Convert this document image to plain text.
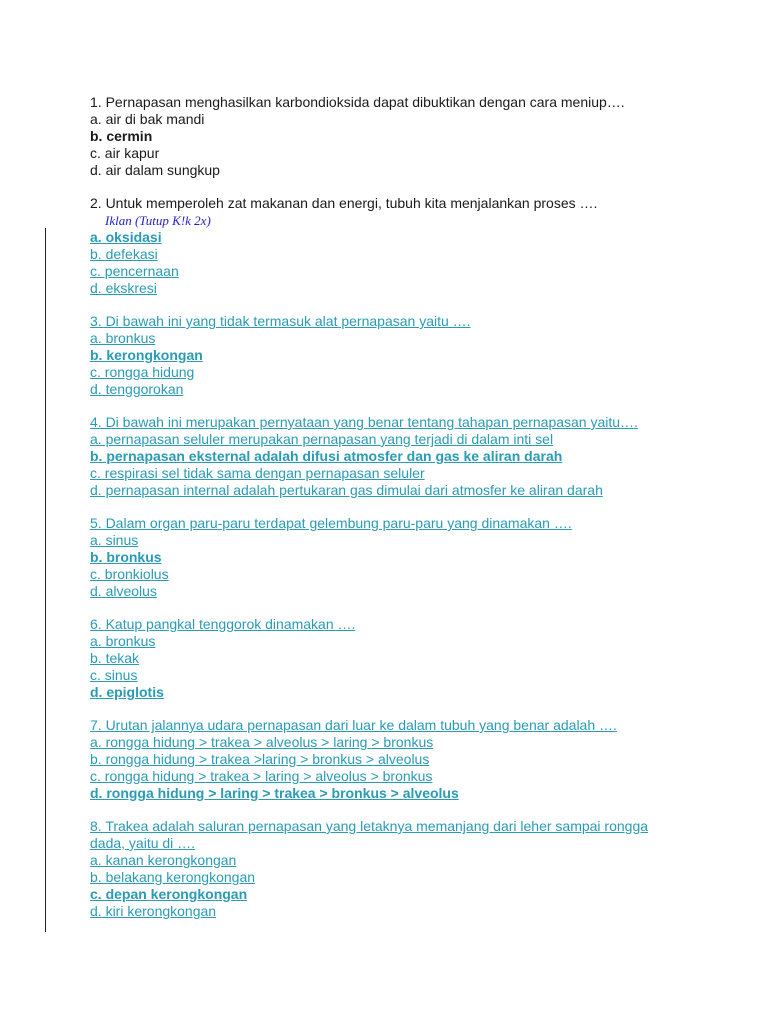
1. Pernapasan menghasilkan karbondioksida dapat dibuktikan dengan cara meniup….
a. air di bak mandi
b. cermin
c. air kapur
d. air dalam sungkup
2. Untuk memperoleh zat makanan dan energi, tubuh kita menjalankan proses ….
Iklan (Tutup K!k 2x)
a. oksidasi
b. defekasi
c. pencernaan
d. ekskresi
3. Di bawah ini yang tidak termasuk alat pernapasan yaitu ….
a. bronkus
b. kerongkongan
c. rongga hidung
d. tenggorokan
4. Di bawah ini merupakan pernyataan yang benar tentang tahapan pernapasan yaitu….
a. pernapasan seluler merupakan pernapasan yang terjadi di dalam inti sel
b. pernapasan eksternal adalah difusi atmosfer dan gas ke aliran darah
c. respirasi sel tidak sama dengan pernapasan seluler
d. pernapasan internal adalah pertukaran gas dimulai dari atmosfer ke aliran darah
5. Dalam organ paru-paru terdapat gelembung paru-paru yang dinamakan ….
a. sinus
b. bronkus
c. bronkiolus
d. alveolus
6. Katup pangkal tenggorok dinamakan ….
a. bronkus
b. tekak
c. sinus
d. epiglotis
7. Urutan jalannya udara pernapasan dari luar ke dalam tubuh yang benar adalah ….
a. rongga hidung > trakea > alveolus > laring > bronkus
b. rongga hidung > trakea >laring > bronkus > alveolus
c. rongga hidung > trakea > laring > alveolus > bronkus
d. rongga hidung > laring > trakea > bronkus > alveolus
8. Trakea adalah saluran pernapasan yang letaknya memanjang dari leher sampai rongga
dada, yaitu di ….
a. kanan kerongkongan
b. belakang kerongkongan
c. depan kerongkongan
d. kiri kerongkongan
